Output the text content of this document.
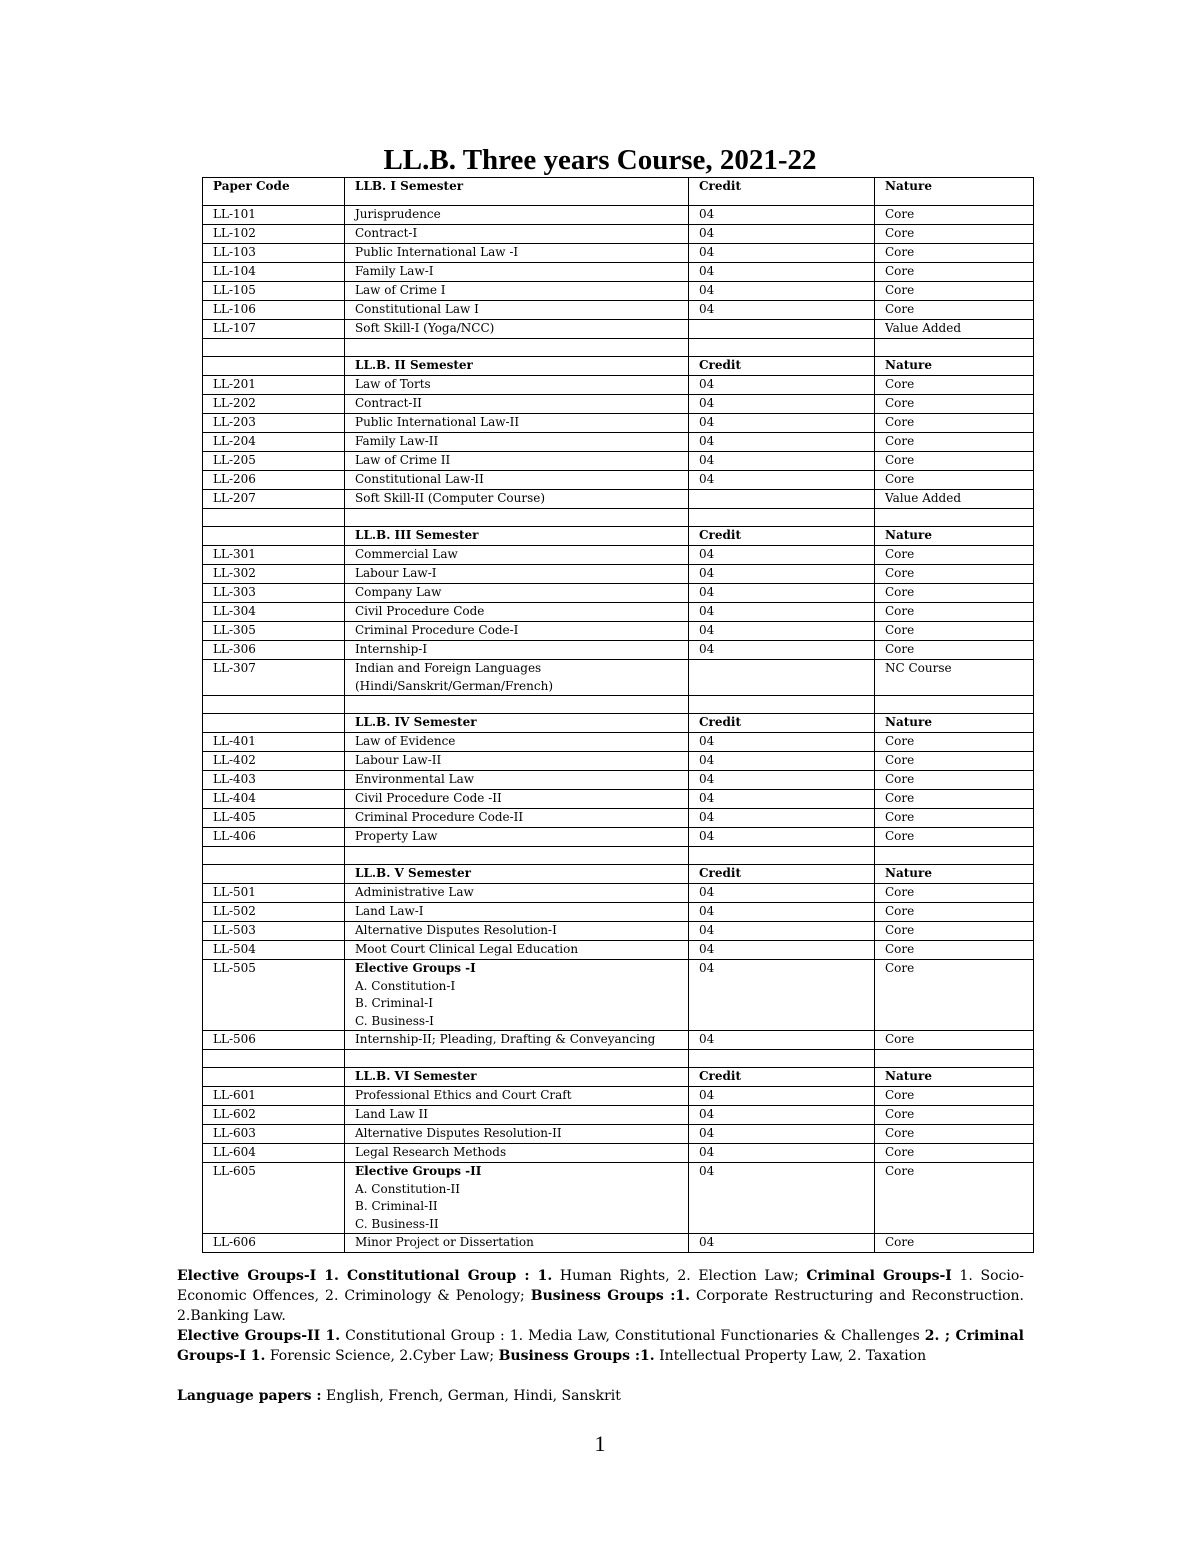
LL.B. Three years Course, 2021-22
Paper Code	LLB. I Semester	Credit	Nature
LL-101	Jurisprudence	04	Core
LL-102	Contract-I	04	Core
LL-103	Public International Law -I	04	Core
LL-104	Family Law-I	04	Core
LL-105	Law of Crime I	04	Core
LL-106	Constitutional Law I	04	Core
LL-107	Soft Skill-I (Yoga/NCC)		Value Added

	LL.B. II Semester	Credit	Nature
LL-201	Law of Torts	04	Core
LL-202	Contract-II	04	Core
LL-203	Public International Law-II	04	Core
LL-204	Family Law-II	04	Core
LL-205	Law of Crime II	04	Core
LL-206	Constitutional Law-II	04	Core
LL-207	Soft Skill-II (Computer Course)		Value Added

	LL.B. III Semester	Credit	Nature
LL-301	Commercial Law	04	Core
LL-302	Labour Law-I	04	Core
LL-303	Company Law	04	Core
LL-304	Civil Procedure Code	04	Core
LL-305	Criminal Procedure Code-I	04	Core
LL-306	Internship-I	04	Core
LL-307	Indian and Foreign Languages
(Hindi/Sanskrit/German/French)		NC Course

	LL.B. IV Semester	Credit	Nature
LL-401	Law of Evidence	04	Core
LL-402	Labour Law-II	04	Core
LL-403	Environmental Law	04	Core
LL-404	Civil Procedure Code -II	04	Core
LL-405	Criminal Procedure Code-II	04	Core
LL-406	Property Law	04	Core

	LL.B. V Semester	Credit	Nature
LL-501	Administrative Law	04	Core
LL-502	Land Law-I	04	Core
LL-503	Alternative Disputes Resolution-I	04	Core
LL-504	Moot Court Clinical Legal Education	04	Core
LL-505	Elective Groups -I
A. Constitution-I
B. Criminal-I
C. Business-I	04	Core
LL-506	Internship-II; Pleading, Drafting & Conveyancing	04	Core

	LL.B. VI Semester	Credit	Nature
LL-601	Professional Ethics and Court Craft	04	Core
LL-602	Land Law II	04	Core
LL-603	Alternative Disputes Resolution-II	04	Core
LL-604	Legal Research Methods	04	Core
LL-605	Elective Groups -II
A. Constitution-II
B. Criminal-II
C. Business-II	04	Core
LL-606	Minor Project or Dissertation	04	Core

Elective Groups-I 1. Constitutional Group : 1. Human Rights, 2. Election Law; Criminal Groups-I 1. Socio-Economic Offences, 2. Criminology & Penology; Business Groups :1. Corporate Restructuring and Reconstruction. 2.Banking Law.

Elective Groups-II 1. Constitutional Group : 1. Media Law, Constitutional Functionaries & Challenges 2. ; Criminal Groups-I 1. Forensic Science, 2.Cyber Law; Business Groups :1. Intellectual Property Law, 2. Taxation

Language papers : English, French, German, Hindi, Sanskrit

1
